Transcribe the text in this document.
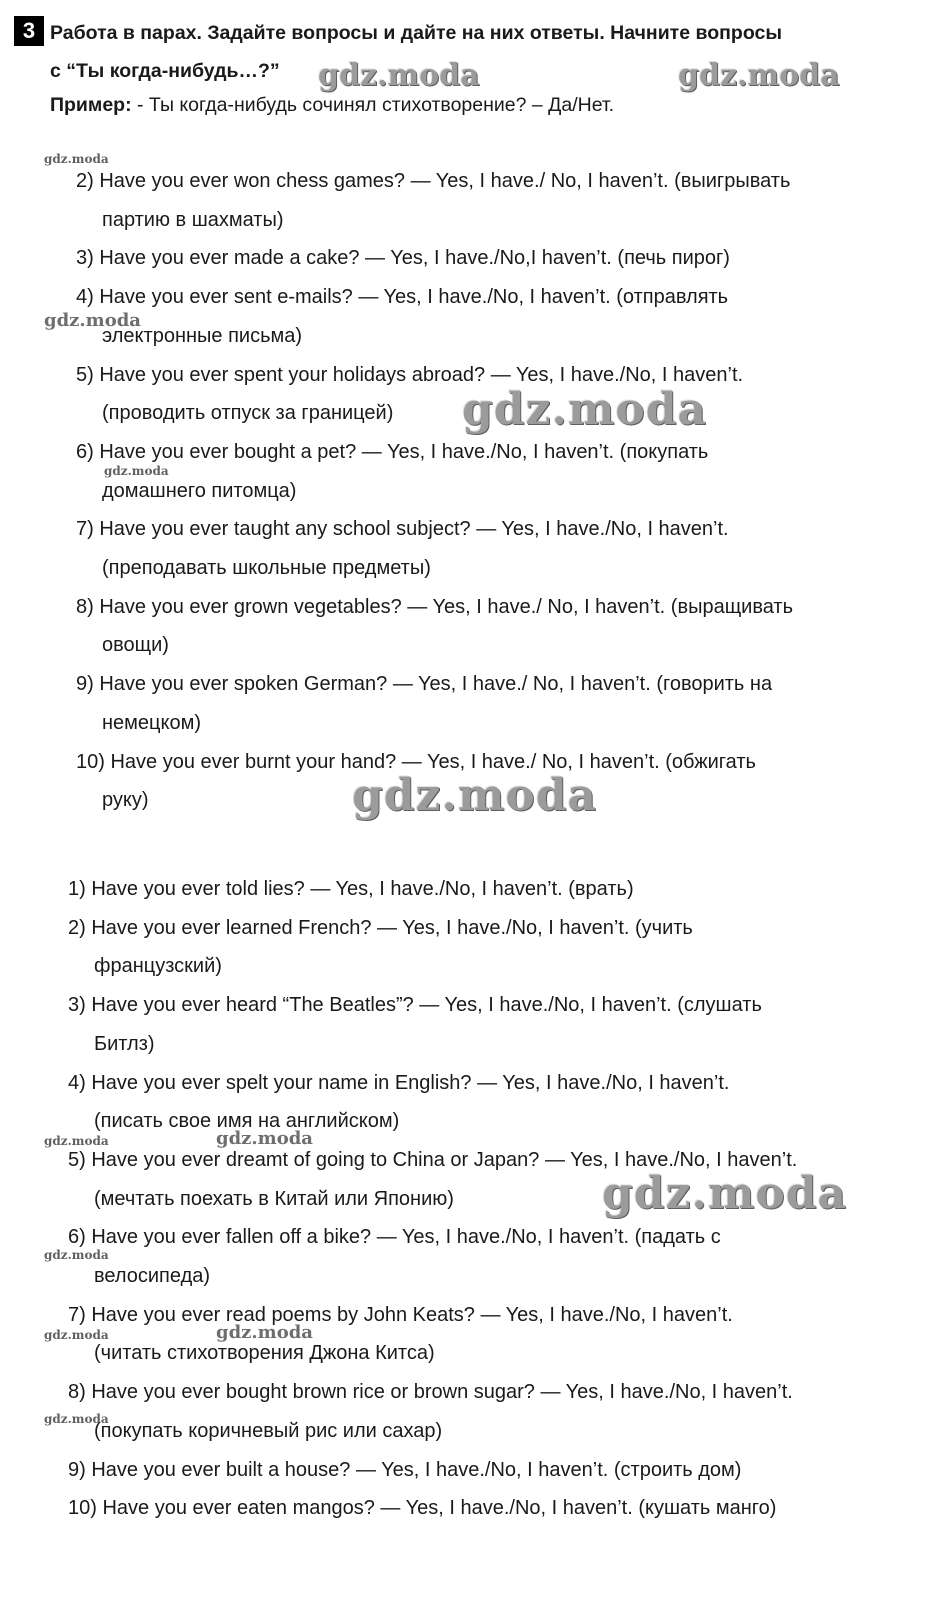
3 Работа в парах. Задайте вопросы и дайте на них ответы. Начните вопросы
с “Ты когда-нибудь…?”
Пример: - Ты когда-нибудь сочинял стихотворение? – Да/Нет.
2) Have you ever won chess games? — Yes, I have./ No, I haven’t. (выигрывать
партию в шахматы)
3) Have you ever made a cake? — Yes, I have./No,I haven’t. (печь пирог)
4) Have you ever sent e-mails? — Yes, I have./No, I haven’t. (отправлять
электронные письма)
5) Have you ever spent your holidays abroad? — Yes, I have./No, I haven’t.
(проводить отпуск за границей)
6) Have you ever bought a pet? — Yes, I have./No, I haven’t. (покупать
домашнего питомца)
7) Have you ever taught any school subject? — Yes, I have./No, I haven’t.
(преподавать школьные предметы)
8) Have you ever grown vegetables? — Yes, I have./ No, I haven’t. (выращивать
овощи)
9) Have you ever spoken German? — Yes, I have./ No, I haven’t. (говорить на
немецком)
10) Have you ever burnt your hand? — Yes, I have./ No, I haven’t. (обжигать
руку)
1) Have you ever told lies? — Yes, I have./No, I haven’t. (врать)
2) Have you ever learned French? — Yes, I have./No, I haven’t. (учить
французский)
3) Have you ever heard “The Beatles”? — Yes, I have./No, I haven’t. (слушать
Битлз)
4) Have you ever spelt your name in English? — Yes, I have./No, I haven’t.
(писать свое имя на английском)
5) Have you ever dreamt of going to China or Japan? — Yes, I have./No, I haven’t.
(мечтать поехать в Китай или Японию)
6) Have you ever fallen off a bike? — Yes, I have./No, I haven’t. (падать с
велосипеда)
7) Have you ever read poems by John Keats? — Yes, I have./No, I haven’t.
(читать стихотворения Джона Китса)
8) Have you ever bought brown rice or brown sugar? — Yes, I have./No, I haven’t.
(покупать коричневый рис или сахар)
9) Have you ever built a house? — Yes, I have./No, I haven’t. (строить дом)
10) Have you ever eaten mangos? — Yes, I have./No, I haven’t. (кушать манго)
gdz.moda	gdz.moda
gdz.moda
gdz.moda
gdz.moda
gdz.moda
gdz.moda
gdz.moda	gdz.moda
gdz.moda
gdz.moda
gdz.moda	gdz.moda
gdz.moda
